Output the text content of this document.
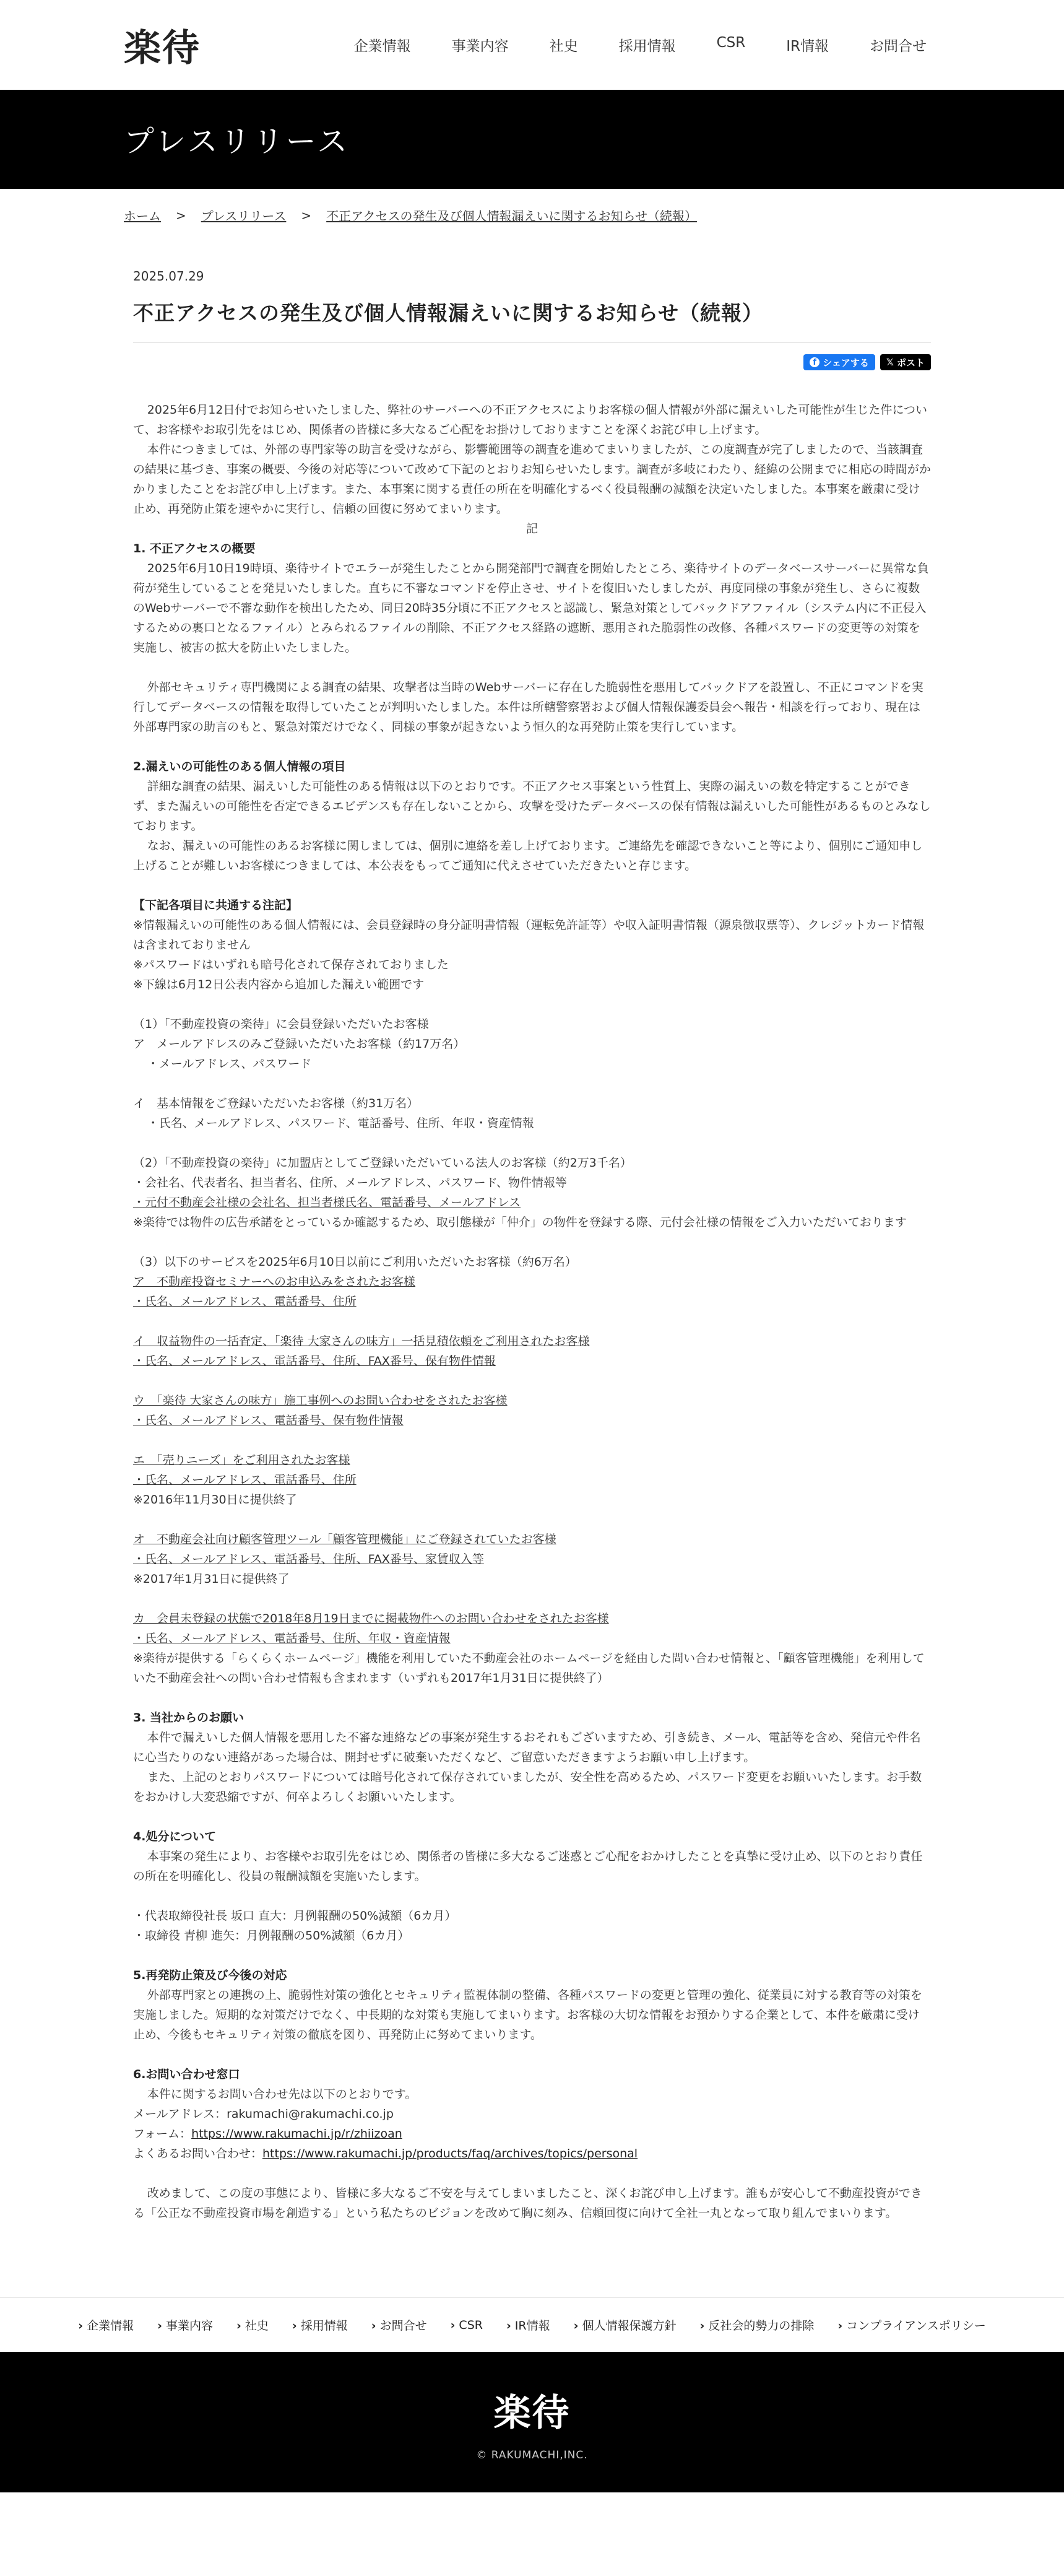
楽待	企業情報	事業内容	社史	採用情報	CSR	IR情報	お問合せ
プレスリリース
ホーム > プレスリリース > 不正アクセスの発生及び個人情報漏えいに関するお知らせ（続報）
2025.07.29
不正アクセスの発生及び個人情報漏えいに関するお知らせ（続報）
f シェアする 𝕏 ポスト

2025年6月12日付でお知らせいたしました、弊社のサーバーへの不正アクセスによりお客様の個人情報が外部に漏えいした可能性が生じた件について、お客様やお取引先をはじめ、関係者の皆様に多大なるご心配をお掛けしておりますことを深くお詫び申し上げます。

本件につきましては、外部の専門家等の助言を受けながら、影響範囲等の調査を進めてまいりましたが、この度調査が完了しましたので、当該調査の結果に基づき、事案の概要、今後の対応等について改めて下記のとおりお知らせいたします。調査が多岐にわたり、経緯の公開までに相応の時間がかかりましたことをお詫び申し上げます。また、本事案に関する責任の所在を明確化するべく役員報酬の減額を決定いたしました。本事案を厳粛に受け止め、再発防止策を速やかに実行し、信頼の回復に努めてまいります。

記

1. 不正アクセスの概要

2025年6月10日19時頃、楽待サイトでエラーが発生したことから開発部門で調査を開始したところ、楽待サイトのデータベースサーバーに異常な負荷が発生していることを発見いたしました。直ちに不審なコマンドを停止させ、サイトを復旧いたしましたが、再度同様の事象が発生し、さらに複数のWebサーバーで不審な動作を検出したため、同日20時35分頃に不正アクセスと認識し、緊急対策としてバックドアファイル（システム内に不正侵入するための裏口となるファイル）とみられるファイルの削除、不正アクセス経路の遮断、悪用された脆弱性の改修、各種パスワードの変更等の対策を実施し、被害の拡大を防止いたしました。

外部セキュリティ専門機関による調査の結果、攻撃者は当時のWebサーバーに存在した脆弱性を悪用してバックドアを設置し、不正にコマンドを実行してデータベースの情報を取得していたことが判明いたしました。本件は所轄警察署および個人情報保護委員会へ報告・相談を行っており、現在は外部専門家の助言のもと、緊急対策だけでなく、同様の事象が起きないよう恒久的な再発防止策を実行しています。

2.漏えいの可能性のある個人情報の項目

詳細な調査の結果、漏えいした可能性のある情報は以下のとおりです。不正アクセス事案という性質上、実際の漏えいの数を特定することができず、また漏えいの可能性を否定できるエビデンスも存在しないことから、攻撃を受けたデータベースの保有情報は漏えいした可能性があるものとみなしております。

なお、漏えいの可能性のあるお客様に関しましては、個別に連絡を差し上げております。ご連絡先を確認できないこと等により、個別にご通知申し上げることが難しいお客様につきましては、本公表をもってご通知に代えさせていただきたいと存じます。

【下記各項目に共通する注記】

※情報漏えいの可能性のある個人情報には、会員登録時の身分証明書情報（運転免許証等）や収入証明書情報（源泉徴収票等）、クレジットカード情報は含まれておりません

※パスワードはいずれも暗号化されて保存されておりました

※下線は6月12日公表内容から追加した漏えい範囲です

（1）「不動産投資の楽待」に会員登録いただいたお客様

ア　メールアドレスのみご登録いただいたお客様（約17万名）

・メールアドレス、パスワード

イ　基本情報をご登録いただいたお客様（約31万名）

・氏名、メールアドレス、パスワード、電話番号、住所、年収・資産情報

（2）「不動産投資の楽待」に加盟店としてご登録いただいている法人のお客様（約2万3千名）

・会社名、代表者名、担当者名、住所、メールアドレス、パスワード、物件情報等

・元付不動産会社様の会社名、担当者様氏名、電話番号、メールアドレス

※楽待では物件の広告承諾をとっているか確認するため、取引態様が「仲介」の物件を登録する際、元付会社様の情報をご入力いただいております

（3）以下のサービスを2025年6月10日以前にご利用いただいたお客様（約6万名）

ア　不動産投資セミナーへのお申込みをされたお客様

・氏名、メールアドレス、電話番号、住所

イ　収益物件の一括査定、「楽待 大家さんの味方」一括見積依頼をご利用されたお客様

・氏名、メールアドレス、電話番号、住所、FAX番号、保有物件情報

ウ　「楽待 大家さんの味方」施工事例へのお問い合わせをされたお客様

・氏名、メールアドレス、電話番号、保有物件情報

エ　「売りニーズ」をご利用されたお客様

・氏名、メールアドレス、電話番号、住所

※2016年11月30日に提供終了

オ　不動産会社向け顧客管理ツール「顧客管理機能」にご登録されていたお客様

・氏名、メールアドレス、電話番号、住所、FAX番号、家賃収入等

※2017年1月31日に提供終了

カ　会員未登録の状態で2018年8月19日までに掲載物件へのお問い合わせをされたお客様

・氏名、メールアドレス、電話番号、住所、年収・資産情報

※楽待が提供する「らくらくホームページ」機能を利用していた不動産会社のホームページを経由した問い合わせ情報と、「顧客管理機能」を利用していた不動産会社への問い合わせ情報も含まれます（いずれも2017年1月31日に提供終了）

3. 当社からのお願い

本件で漏えいした個人情報を悪用した不審な連絡などの事案が発生するおそれもございますため、引き続き、メール、電話等を含め、発信元や件名に心当たりのない連絡があった場合は、開封せずに破棄いただくなど、ご留意いただきますようお願い申し上げます。

また、上記のとおりパスワードについては暗号化されて保存されていましたが、安全性を高めるため、パスワード変更をお願いいたします。お手数をおかけし大変恐縮ですが、何卒よろしくお願いいたします。

4.処分について

本事案の発生により、お客様やお取引先をはじめ、関係者の皆様に多大なるご迷惑とご心配をおかけしたことを真摯に受け止め、以下のとおり責任の所在を明確化し、役員の報酬減額を実施いたします。

・代表取締役社長 坂口 直大：月例報酬の50%減額（6カ月）

・取締役 青柳 進矢：月例報酬の50%減額（6カ月）

5.再発防止策及び今後の対応

外部専門家との連携の上、脆弱性対策の強化とセキュリティ監視体制の整備、各種パスワードの変更と管理の強化、従業員に対する教育等の対策を実施しました。短期的な対策だけでなく、中長期的な対策も実施してまいります。お客様の大切な情報をお預かりする企業として、本件を厳粛に受け止め、今後もセキュリティ対策の徹底を図り、再発防止に努めてまいります。

6.お問い合わせ窓口

本件に関するお問い合わせ先は以下のとおりです。

メールアドレス：rakumachi@rakumachi.co.jp

フォーム：https://www.rakumachi.jp/r/zhiizoan

よくあるお問い合わせ：https://www.rakumachi.jp/products/faq/archives/topics/personal

改めまして、この度の事態により、皆様に多大なるご不安を与えてしまいましたこと、深くお詫び申し上げます。誰もが安心して不動産投資ができる「公正な不動産投資市場を創造する」という私たちのビジョンを改めて胸に刻み、信頼回復に向けて全社一丸となって取り組んでまいります。

› 企業情報	› 事業内容	› 社史	› 採用情報	› お問合せ	› CSR	› IR情報	› 個人情報保護方針	› 反社会的勢力の排除	› コンプライアンスポリシー
楽待
© RAKUMACHI,INC.
